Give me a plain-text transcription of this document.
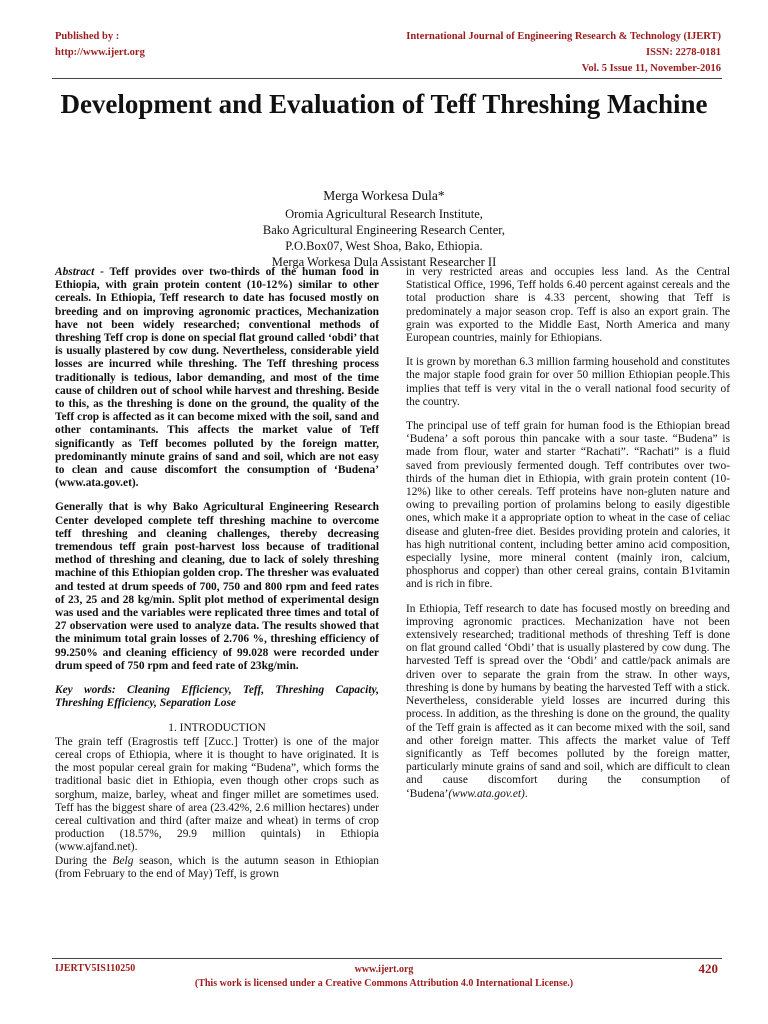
Published by :
http://www.ijert.org
International Journal of Engineering Research & Technology (IJERT)
ISSN: 2278-0181
Vol. 5 Issue 11, November-2016
Development and Evaluation of Teff Threshing Machine
Merga Workesa Dula*
Oromia Agricultural Research Institute,
Bako Agricultural Engineering Research Center,
P.O.Box07, West Shoa, Bako, Ethiopia.
Merga Workesa Dula Assistant Researcher II

Abstract - Teff provides over two-thirds of the human food in Ethiopia, with grain protein content (10-12%) similar to other cereals. In Ethiopia, Teff research to date has focused mostly on breeding and on improving agronomic practices, Mechanization have not been widely researched; conventional methods of threshing Teff crop is done on special flat ground called ‘obdi’ that is usually plastered by cow dung. Nevertheless, considerable yield losses are incurred while threshing. The Teff threshing process traditionally is tedious, labor demanding, and most of the time cause of children out of school while harvest and threshing. Beside to this, as the threshing is done on the ground, the quality of the Teff crop is affected as it can become mixed with the soil, sand and other contaminants. This affects the market value of Teff significantly as Teff becomes polluted by the foreign matter, predominantly minute grains of sand and soil, which are not easy to clean and cause discomfort the consumption of ‘Budena’ (www.ata.gov.et).

Generally that is why Bako Agricultural Engineering Research Center developed complete teff threshing machine to overcome teff threshing and cleaning challenges, thereby decreasing tremendous teff grain post-harvest loss because of traditional method of threshing and cleaning, due to lack of solely threshing machine of this Ethiopian golden crop. The thresher was evaluated and tested at drum speeds of 700, 750 and 800 rpm and feed rates of 23, 25 and 28 kg/min. Split plot method of experimental design was used and the variables were replicated three times and total of 27 observation were used to analyze data. The results showed that the minimum total grain losses of 2.706 %, threshing efficiency of 99.250% and cleaning efficiency of 99.028 were recorded under drum speed of 750 rpm and feed rate of 23kg/min.

Key words: Cleaning Efficiency, Teff, Threshing Capacity, Threshing Efficiency, Separation Lose

1. INTRODUCTION

The grain teff (Eragrostis teff [Zucc.] Trotter) is one of the major cereal crops of Ethiopia, where it is thought to have originated. It is the most popular cereal grain for making “Budena”, which forms the traditional basic diet in Ethiopia, even though other crops such as sorghum, maize, barley, wheat and finger millet are sometimes used. Teff has the biggest share of area (23.42%, 2.6 million hectares) under cereal cultivation and third (after maize and wheat) in terms of crop production (18.57%, 29.9 million quintals) in Ethiopia (www.ajfand.net).

During the Belg season, which is the autumn season in Ethiopian (from February to the end of May) Teff, is grown

in very restricted areas and occupies less land. As the Central Statistical Office, 1996, Teff holds 6.40 percent against cereals and the total production share is 4.33 percent, showing that Teff is predominately a major season crop. Teff is also an export grain. The grain was exported to the Middle East, North America and many European countries, mainly for Ethiopians.

It is grown by morethan 6.3 million farming household and constitutes the major staple food grain for over 50 million Ethiopian people.This implies that teff is very vital in the o verall national food security of the country.

The principal use of teff grain for human food is the Ethiopian bread ‘Budena’ a soft porous thin pancake with a sour taste. “Budena” is made from flour, water and starter “Rachati”. “Rachati” is a fluid saved from previously fermented dough. Teff contributes over two-thirds of the human diet in Ethiopia, with grain protein content (10-12%) like to other cereals. Teff proteins have non-gluten nature and owing to prevailing portion of prolamins belong to easily digestible ones, which make it a appropriate option to wheat in the case of celiac disease and gluten-free diet. Besides providing protein and calories, it has high nutritional content, including better amino acid composition, especially lysine, more mineral content (mainly iron, calcium, phosphorus and copper) than other cereal grains, contain B1vitamin and is rich in fibre.

In Ethiopia, Teff research to date has focused mostly on breeding and improving agronomic practices. Mechanization have not been extensively researched; traditional methods of threshing Teff is done on flat ground called ‘Obdi’ that is usually plastered by cow dung. The harvested Teff is spread over the ‘Obdi’ and cattle/pack animals are driven over to separate the grain from the straw. In other ways, threshing is done by humans by beating the harvested Teff with a stick. Nevertheless, considerable yield losses are incurred during this process. In addition, as the threshing is done on the ground, the quality of the Teff grain is affected as it can become mixed with the soil, sand and other foreign matter. This affects the market value of Teff significantly as Teff becomes polluted by the foreign matter, particularly minute grains of sand and soil, which are difficult to clean and cause discomfort during the consumption of ‘Budena’(www.ata.gov.et).

IJERTV5IS110250	www.ijert.org
(This work is licensed under a Creative Commons Attribution 4.0 International License.)
420
